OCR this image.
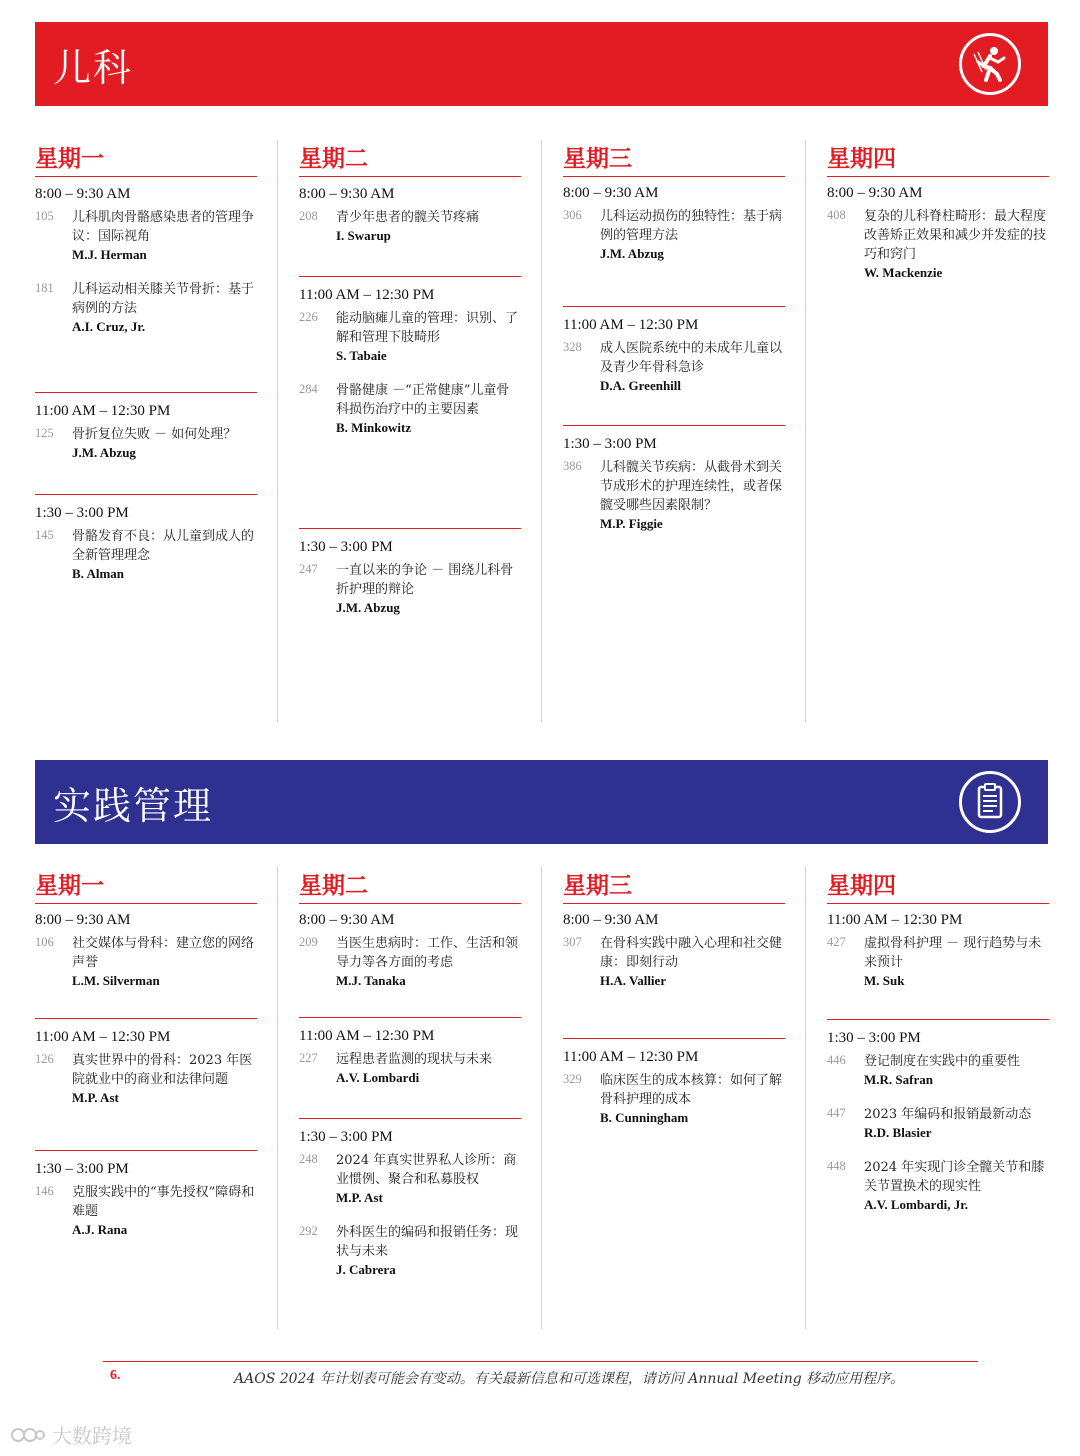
儿科
星期一
8:00 – 9:30 AM
105	儿科肌肉骨骼感染患者的管理争议：国际视角
M.J. Herman
181	儿科运动相关膝关节骨折：基于病例的方法
A.I. Cruz, Jr.
11:00 AM – 12:30 PM
125	骨折复位失败 － 如何处理？
J.M. Abzug
1:30 – 3:00 PM
145	骨骼发育不良：从儿童到成人的全新管理理念
B. Alman
星期二
8:00 – 9:30 AM
208	青少年患者的髋关节疼痛
I. Swarup
11:00 AM – 12:30 PM
226	能动脑瘫儿童的管理：识别、了解和管理下肢畸形
S. Tabaie
284	骨骼健康 －“正常健康”儿童骨科损伤治疗中的主要因素
B. Minkowitz
1:30 – 3:00 PM
247	一直以来的争论 － 围绕儿科骨折护理的辩论
J.M. Abzug
星期三
8:00 – 9:30 AM
306	儿科运动损伤的独特性：基于病例的管理方法
J.M. Abzug
11:00 AM – 12:30 PM
328	成人医院系统中的未成年儿童以及青少年骨科急诊
D.A. Greenhill
1:30 – 3:00 PM
386	儿科髋关节疾病：从截骨术到关节成形术的护理连续性，或者保髋受哪些因素限制？
M.P. Figgie
星期四
8:00 – 9:30 AM
408	复杂的儿科脊柱畸形：最大程度改善矫正效果和减少并发症的技巧和窍门
W. Mackenzie
实践管理
星期一
8:00 – 9:30 AM
106	社交媒体与骨科：建立您的网络声誉
L.M. Silverman
11:00 AM – 12:30 PM
126	真实世界中的骨科：2023 年医院就业中的商业和法律问题
M.P. Ast
1:30 – 3:00 PM
146	克服实践中的“事先授权”障碍和难题
A.J. Rana
星期二
8:00 – 9:30 AM
209	当医生患病时：工作、生活和领导力等各方面的考虑
M.J. Tanaka
11:00 AM – 12:30 PM
227	远程患者监测的现状与未来
A.V. Lombardi
1:30 – 3:00 PM
248	2024 年真实世界私人诊所：商业惯例、聚合和私募股权
M.P. Ast
292	外科医生的编码和报销任务：现状与未来
J. Cabrera
星期三
8:00 – 9:30 AM
307	在骨科实践中融入心理和社交健康：即刻行动
H.A. Vallier
11:00 AM – 12:30 PM
329	临床医生的成本核算：如何了解骨科护理的成本
B. Cunningham
星期四
11:00 AM – 12:30 PM
427	虚拟骨科护理 － 现行趋势与未来预计
M. Suk
1:30 – 3:00 PM
446	登记制度在实践中的重要性
M.R. Safran
447	2023 年编码和报销最新动态
R.D. Blasier
448	2024 年实现门诊全髋关节和膝关节置换术的现实性
A.V. Lombardi, Jr.
6.	AAOS 2024 年计划表可能会有变动。有关最新信息和可选课程，请访问 Annual Meeting 移动应用程序。
大数跨境
